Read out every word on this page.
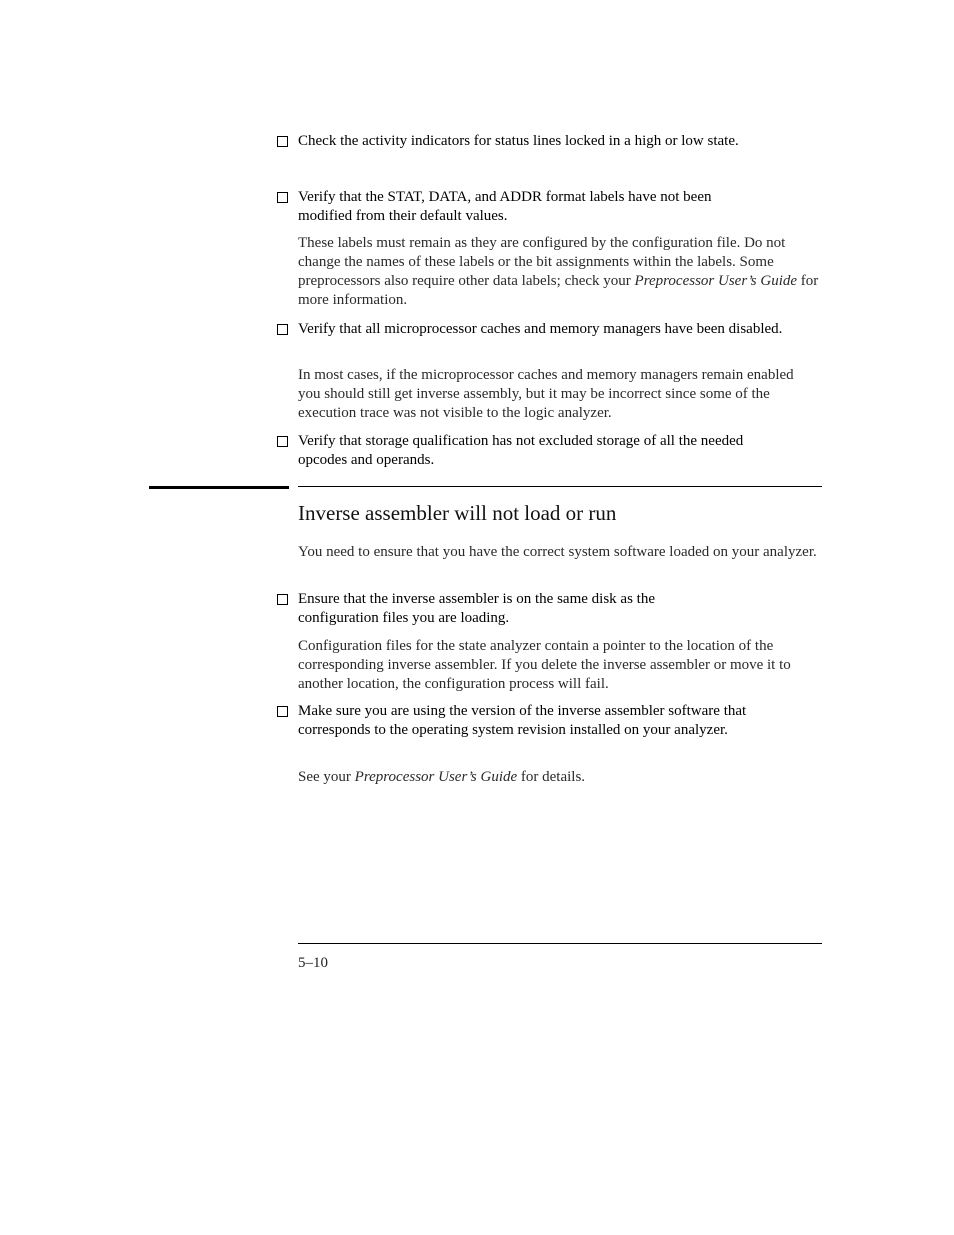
Check the activity indicators for status lines locked in a high or low state.
Verify that the STAT, DATA, and ADDR format labels have not been modified from their default values.
These labels must remain as they are configured by the configuration file. Do not change the names of these labels or the bit assignments within the labels. Some preprocessors also require other data labels; check your Preprocessor User’s Guide for more information.
Verify that all microprocessor caches and memory managers have been disabled.
In most cases, if the microprocessor caches and memory managers remain enabled you should still get inverse assembly, but it may be incorrect since some of the execution trace was not visible to the logic analyzer.
Verify that storage qualification has not excluded storage of all the needed opcodes and operands.
Inverse assembler will not load or run
You need to ensure that you have the correct system software loaded on your analyzer.
Ensure that the inverse assembler is on the same disk as the configuration files you are loading.
Configuration files for the state analyzer contain a pointer to the location of the corresponding inverse assembler. If you delete the inverse assembler or move it to another location, the configuration process will fail.
Make sure you are using the version of the inverse assembler software that corresponds to the operating system revision installed on your analyzer.
See your Preprocessor User’s Guide for details.
5–10
